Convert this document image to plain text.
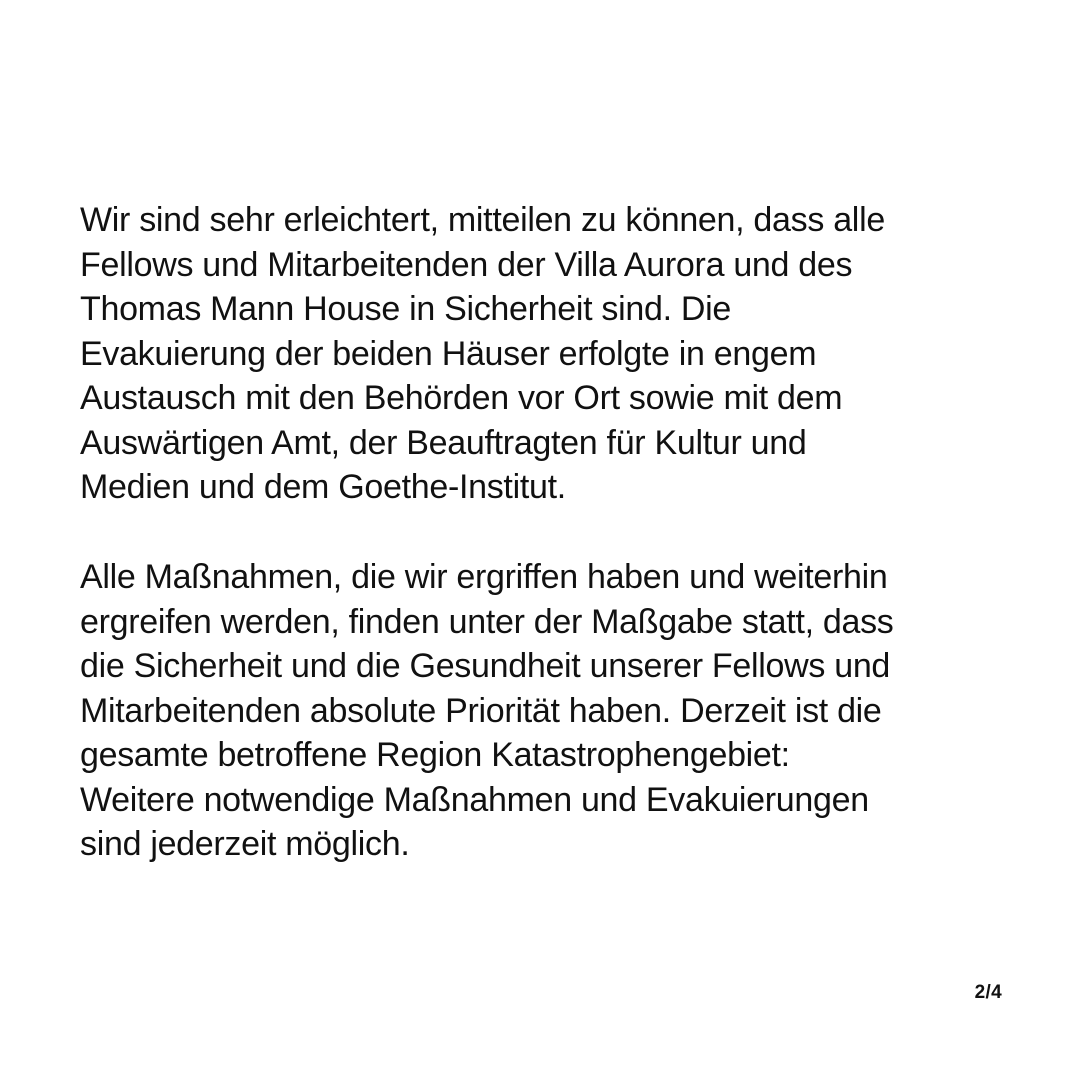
Wir sind sehr erleichtert, mitteilen zu können, dass alle
Fellows und Mitarbeitenden der Villa Aurora und des
Thomas Mann House in Sicherheit sind. Die
Evakuierung der beiden Häuser erfolgte in engem
Austausch mit den Behörden vor Ort sowie mit dem
Auswärtigen Amt, der Beauftragten für Kultur und
Medien und dem Goethe-Institut.

Alle Maßnahmen, die wir ergriffen haben und weiterhin
ergreifen werden, finden unter der Maßgabe statt, dass
die Sicherheit und die Gesundheit unserer Fellows und
Mitarbeitenden absolute Priorität haben. Derzeit ist die
gesamte betroffene Region Katastrophengebiet:
Weitere notwendige Maßnahmen und Evakuierungen
sind jederzeit möglich.

2/4
